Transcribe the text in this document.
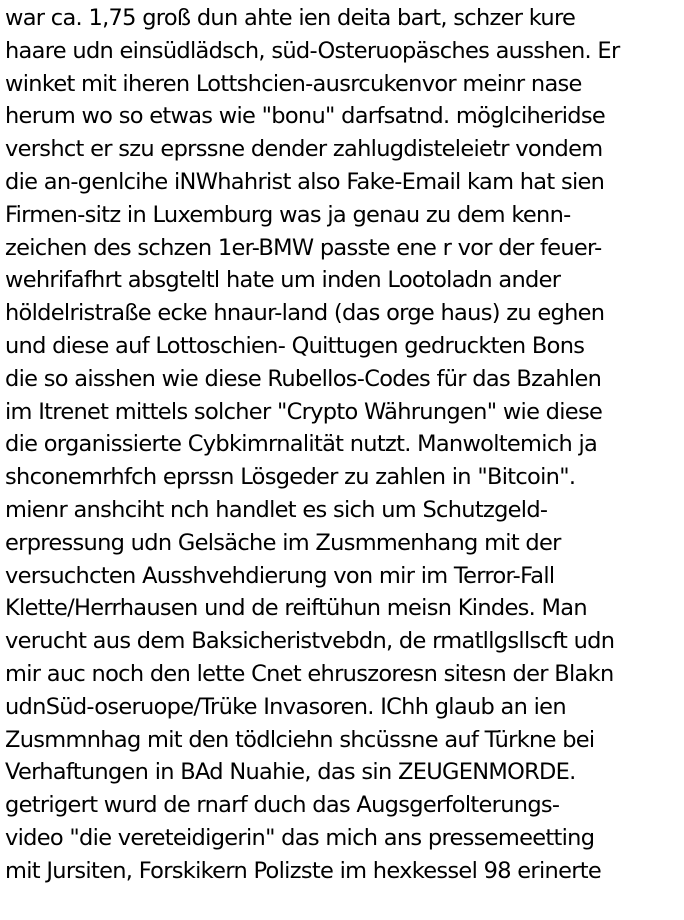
war ca. 1,75 groß dun ahte ien deita bart, schzer kure
haare udn einsüdlädsch, süd-Osteruopäsches ausshen. Er
winket mit iheren Lottshcien-ausrcukenvor meinr nase
herum wo so etwas wie "bonu" darfsatnd. möglciheridse
vershct er szu eprssne dender zahlugdisteleietr vondem
die an-genlcihe iNWhahrist also Fake-Email kam hat sien
Firmen-sitz in Luxemburg was ja genau zu dem kenn-
zeichen des schzen 1er-BMW passte ene r vor der feuer-
wehrifafhrt absgteltl hate um inden Lootoladn ander
höldelristraße ecke hnaur-land (das orge haus) zu eghen
und diese auf Lottoschien- Quittugen gedruckten Bons
die so aisshen wie diese Rubellos-Codes für das Bzahlen
im Itrenet mittels solcher "Crypto Währungen" wie diese
die organissierte Cybkimrnalität nutzt. Manwoltemich ja
shconemrhfch eprssn Lösgeder zu zahlen in "Bitcoin".
mienr anshciht nch handlet es sich um Schutzgeld-
erpressung udn Gelsäche im Zusmmenhang mit der
versuchcten Ausshvehdierung von mir im Terror-Fall
Klette/Herrhausen und de reiftühun meisn Kindes. Man
verucht aus dem Baksicheristvebdn, de rmatllgsllscft udn
mir auc noch den lette Cnet ehruszoresn sitesn der Blakn
udnSüd-oseruope/Trüke Invasoren. IChh glaub an ien
Zusmmnhag mit den tödlciehn shcüssne auf Türkne bei
Verhaftungen in BAd Nuahie, das sin ZEUGENMORDE.
getrigert wurd de rnarf duch das Augsgerfolterungs-
video "die vereteidigerin" das mich ans pressemeetting
mit Jursiten, Forskikern Polizste im hexkessel 98 erinerte
